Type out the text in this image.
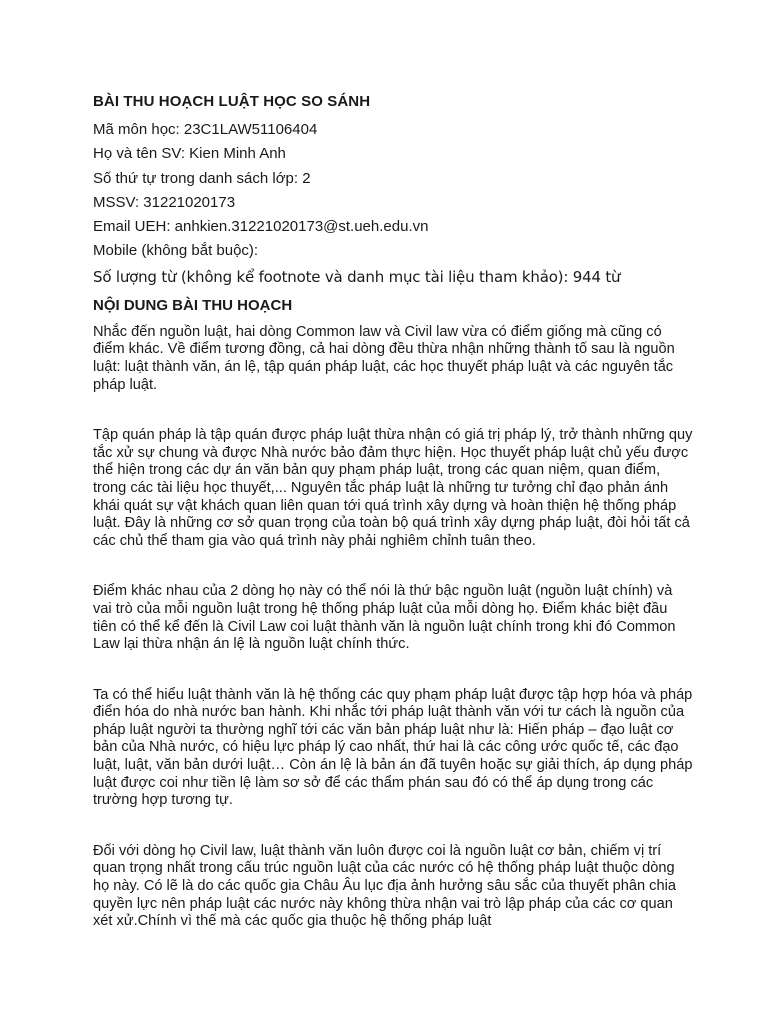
BÀI THU HOẠCH LUẬT HỌC SO SÁNH

Mã môn học: 23C1LAW51106404

Họ và tên SV: Kien Minh Anh

Số thứ tự trong danh sách lớp: 2

MSSV: 31221020173

Email UEH: anhkien.31221020173@st.ueh.edu.vn

Mobile (không bắt buộc):

Số lượng từ (không kể footnote và danh mục tài liệu tham khảo): 944 từ

NỘI DUNG BÀI THU HOẠCH

Nhắc đến nguồn luật, hai dòng Common law và Civil law vừa có điểm giống mà cũng có điểm khác. Về điểm tương đồng, cả hai dòng đều thừa nhận những thành tố sau là nguồn luật: luật thành văn, án lệ, tập quán pháp luật, các học thuyết pháp luật và các nguyên tắc pháp luật.

Tập quán pháp là tập quán được pháp luật thừa nhận có giá trị pháp lý, trở thành những quy tắc xử sự chung và được Nhà nước bảo đảm thực hiện. Học thuyết pháp luật chủ yếu được thể hiện trong các dự án văn bản quy phạm pháp luật, trong các quan niệm, quan điểm, trong các tài liệu học thuyết,... Nguyên tắc pháp luật là những tư tưởng chỉ đạo phản ánh khái quát sự vật khách quan liên quan tới quá trình xây dựng và hoàn thiện hệ thống pháp luật. Đây là những cơ sở quan trọng của toàn bộ quá trình xây dựng pháp luật, đòi hỏi tất cả các chủ thể tham gia vào quá trình này phải nghiêm chỉnh tuân theo.

Điểm khác nhau của 2 dòng họ này có thể nói là thứ bậc nguồn luật (nguồn luật chính) và vai trò của mỗi nguồn luật trong hệ thống pháp luật của mỗi dòng họ. Điểm khác biệt đầu tiên có thể kể đến là Civil Law coi luật thành văn là nguồn luật chính trong khi đó Common Law lại thừa nhận án lệ là nguồn luật chính thức.

Ta có thể hiểu luật thành văn là hệ thống các quy phạm pháp luật được tập hợp hóa và pháp điển hóa do nhà nước ban hành. Khi nhắc tới pháp luật thành văn với tư cách là nguồn của pháp luật người ta thường nghĩ tới các văn bản pháp luật như là: Hiến pháp – đạo luật cơ bản của Nhà nước, có hiệu lực pháp lý cao nhất, thứ hai là các công ước quốc tế, các đạo luật, luật, văn bản dưới luật… Còn án lệ là bản án đã tuyên hoặc sự giải thích, áp dụng pháp luật được coi như tiền lệ làm sơ sở để các thẩm phán sau đó có thể áp dụng trong các trường hợp tương tự.

Đối với dòng họ Civil law, luật thành văn luôn được coi là nguồn luật cơ bản, chiếm vị trí quan trọng nhất trong cấu trúc nguồn luật của các nước có hệ thống pháp luật thuộc dòng họ này. Có lẽ là do các quốc gia Châu Âu lục địa ảnh hưởng sâu sắc của thuyết phân chia quyền lực nên pháp luật các nước này không thừa nhận vai trò lập pháp của các cơ quan xét xử.Chính vì thế mà các quốc gia thuộc hệ thống pháp luật
